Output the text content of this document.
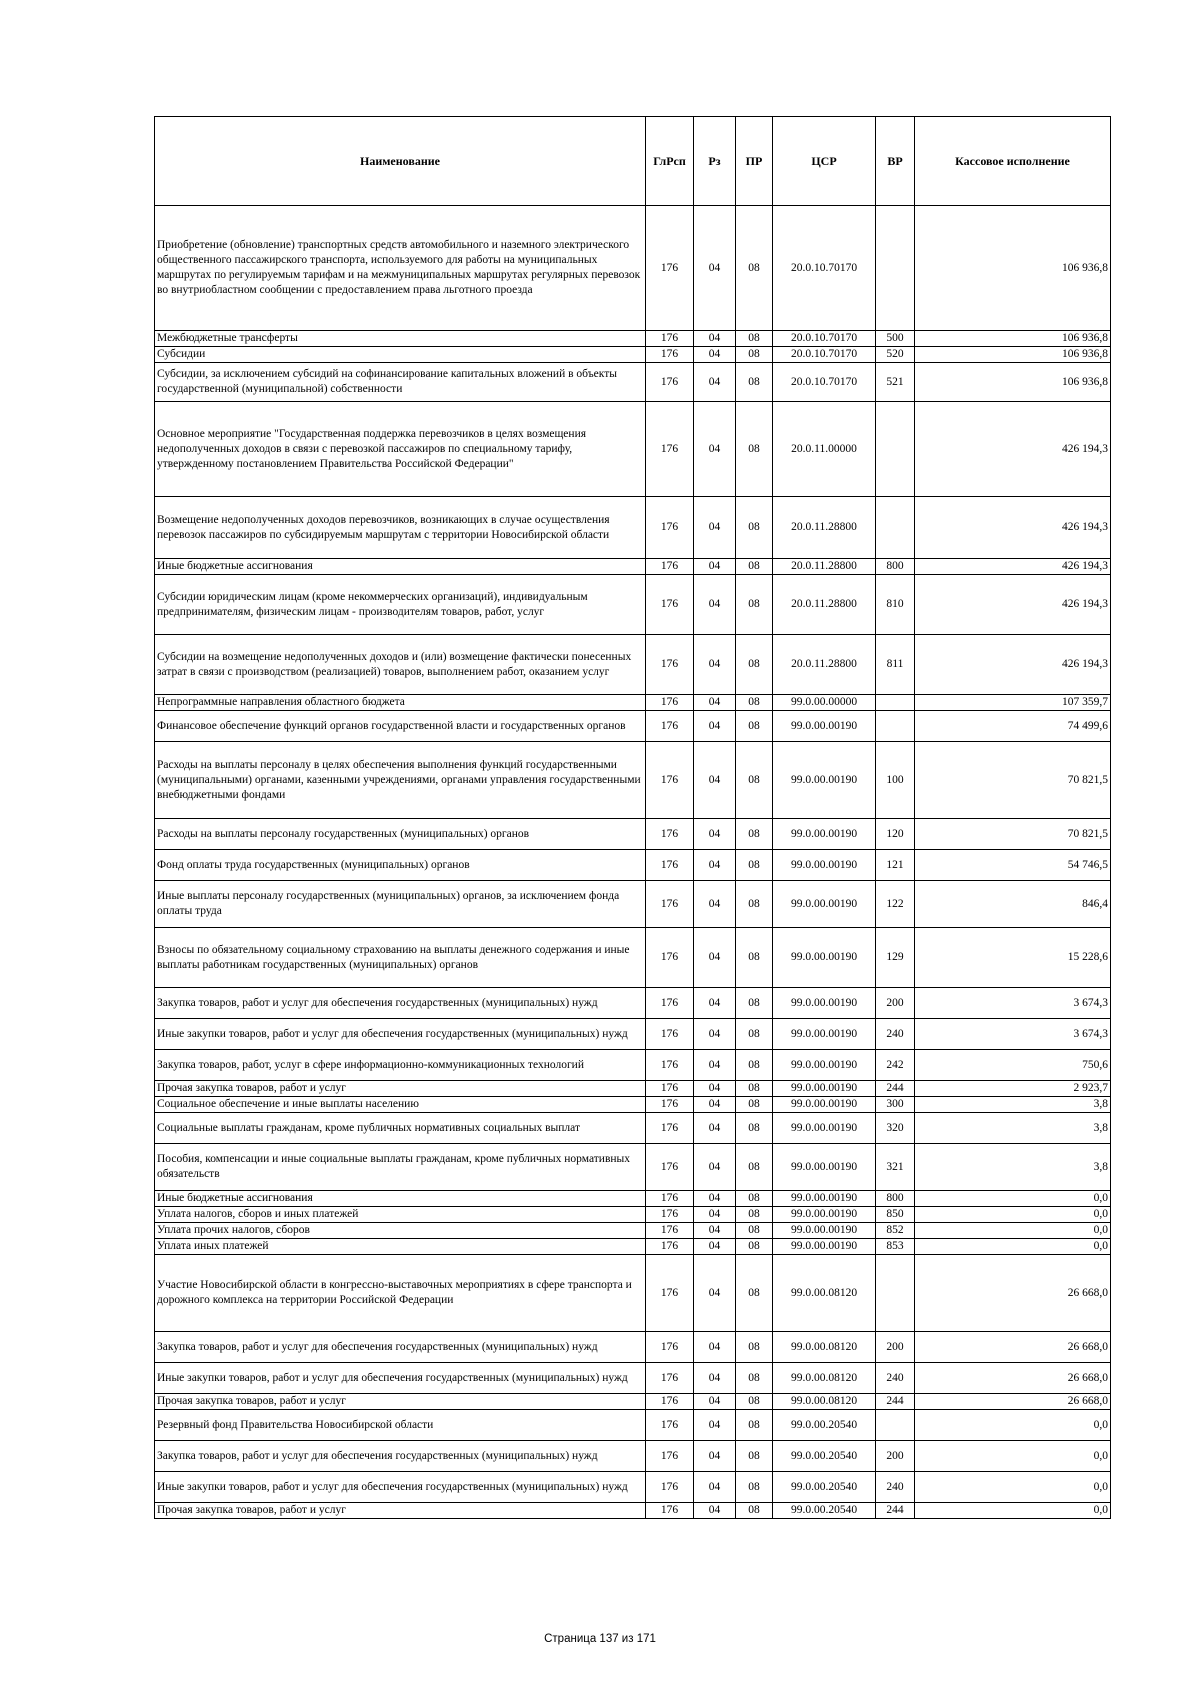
Наименование	ГлРсп	Рз	ПР	ЦСР	ВР	Кассовое исполнение
Приобретение (обновление) транспортных средств автомобильного и наземного электрического общественного пассажирского транспорта, используемого для работы на муниципальных маршрутах по регулируемым тарифам и на межмуниципальных маршрутах регулярных перевозок во внутриобластном сообщении с предоставлением права льготного проезда	176	04	08	20.0.10.70170		106 936,8
Межбюджетные трансферты	176	04	08	20.0.10.70170	500	106 936,8
Субсидии	176	04	08	20.0.10.70170	520	106 936,8
Субсидии, за исключением субсидий на софинансирование капитальных вложений в объекты государственной (муниципальной) собственности	176	04	08	20.0.10.70170	521	106 936,8
Основное мероприятие "Государственная поддержка перевозчиков в целях возмещения недополученных доходов в связи с перевозкой пассажиров по специальному тарифу, утвержденному постановлением Правительства Российской Федерации"	176	04	08	20.0.11.00000		426 194,3
Возмещение недополученных доходов перевозчиков, возникающих в случае осуществления перевозок пассажиров по субсидируемым маршрутам с территории Новосибирской области	176	04	08	20.0.11.28800		426 194,3
Иные бюджетные ассигнования	176	04	08	20.0.11.28800	800	426 194,3
Субсидии юридическим лицам (кроме некоммерческих организаций), индивидуальным предпринимателям, физическим лицам - производителям товаров, работ, услуг	176	04	08	20.0.11.28800	810	426 194,3
Субсидии на возмещение недополученных доходов и (или) возмещение фактически понесенных затрат в связи с производством (реализацией) товаров, выполнением работ, оказанием услуг	176	04	08	20.0.11.28800	811	426 194,3
Непрограммные направления областного бюджета	176	04	08	99.0.00.00000		107 359,7
Финансовое обеспечение функций органов государственной власти и государственных органов	176	04	08	99.0.00.00190		74 499,6
Расходы на выплаты персоналу в целях обеспечения выполнения функций государственными (муниципальными) органами, казенными учреждениями, органами управления государственными внебюджетными фондами	176	04	08	99.0.00.00190	100	70 821,5
Расходы на выплаты персоналу государственных (муниципальных) органов	176	04	08	99.0.00.00190	120	70 821,5
Фонд оплаты труда государственных (муниципальных) органов	176	04	08	99.0.00.00190	121	54 746,5
Иные выплаты персоналу государственных (муниципальных) органов, за исключением фонда оплаты труда	176	04	08	99.0.00.00190	122	846,4
Взносы по обязательному социальному страхованию на выплаты денежного содержания и иные выплаты работникам государственных (муниципальных) органов	176	04	08	99.0.00.00190	129	15 228,6
Закупка товаров, работ и услуг для обеспечения государственных (муниципальных) нужд	176	04	08	99.0.00.00190	200	3 674,3
Иные закупки товаров, работ и услуг для обеспечения государственных (муниципальных) нужд	176	04	08	99.0.00.00190	240	3 674,3
Закупка товаров, работ, услуг в сфере информационно-коммуникационных технологий	176	04	08	99.0.00.00190	242	750,6
Прочая закупка товаров, работ и услуг	176	04	08	99.0.00.00190	244	2 923,7
Социальное обеспечение и иные выплаты населению	176	04	08	99.0.00.00190	300	3,8
Социальные выплаты гражданам, кроме публичных нормативных социальных выплат	176	04	08	99.0.00.00190	320	3,8
Пособия, компенсации и иные социальные выплаты гражданам, кроме публичных нормативных обязательств	176	04	08	99.0.00.00190	321	3,8
Иные бюджетные ассигнования	176	04	08	99.0.00.00190	800	0,0
Уплата налогов, сборов и иных платежей	176	04	08	99.0.00.00190	850	0,0
Уплата прочих налогов, сборов	176	04	08	99.0.00.00190	852	0,0
Уплата иных платежей	176	04	08	99.0.00.00190	853	0,0
Участие Новосибирской области в конгрессно-выставочных мероприятиях в сфере транспорта и дорожного комплекса на территории Российской Федерации	176	04	08	99.0.00.08120		26 668,0
Закупка товаров, работ и услуг для обеспечения государственных (муниципальных) нужд	176	04	08	99.0.00.08120	200	26 668,0
Иные закупки товаров, работ и услуг для обеспечения государственных (муниципальных) нужд	176	04	08	99.0.00.08120	240	26 668,0
Прочая закупка товаров, работ и услуг	176	04	08	99.0.00.08120	244	26 668,0
Резервный фонд Правительства Новосибирской области	176	04	08	99.0.00.20540		0,0
Закупка товаров, работ и услуг для обеспечения государственных (муниципальных) нужд	176	04	08	99.0.00.20540	200	0,0
Иные закупки товаров, работ и услуг для обеспечения государственных (муниципальных) нужд	176	04	08	99.0.00.20540	240	0,0
Прочая закупка товаров, работ и услуг	176	04	08	99.0.00.20540	244	0,0
Страница 137 из 171
